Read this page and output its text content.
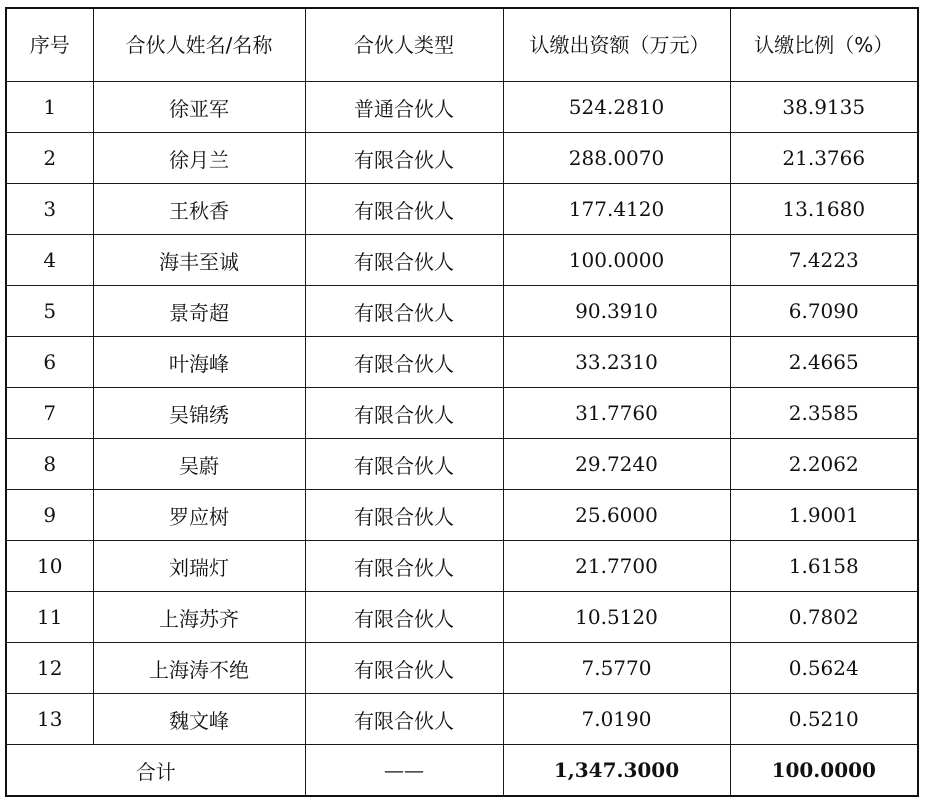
序号	合伙人姓名/名称	合伙人类型	认缴出资额（万元）	认缴比例（%）
1	徐亚军	普通合伙人	524.2810	38.9135
2	徐月兰	有限合伙人	288.0070	21.3766
3	王秋香	有限合伙人	177.4120	13.1680
4	海丰至诚	有限合伙人	100.0000	7.4223
5	景奇超	有限合伙人	90.3910	6.7090
6	叶海峰	有限合伙人	33.2310	2.4665
7	吴锦绣	有限合伙人	31.7760	2.3585
8	吴蔚	有限合伙人	29.7240	2.2062
9	罗应树	有限合伙人	25.6000	1.9001
10	刘瑞灯	有限合伙人	21.7700	1.6158
11	上海苏齐	有限合伙人	10.5120	0.7802
12	上海涛不绝	有限合伙人	7.5770	0.5624
13	魏文峰	有限合伙人	7.0190	0.5210
合计		——	1,347.3000	100.0000
